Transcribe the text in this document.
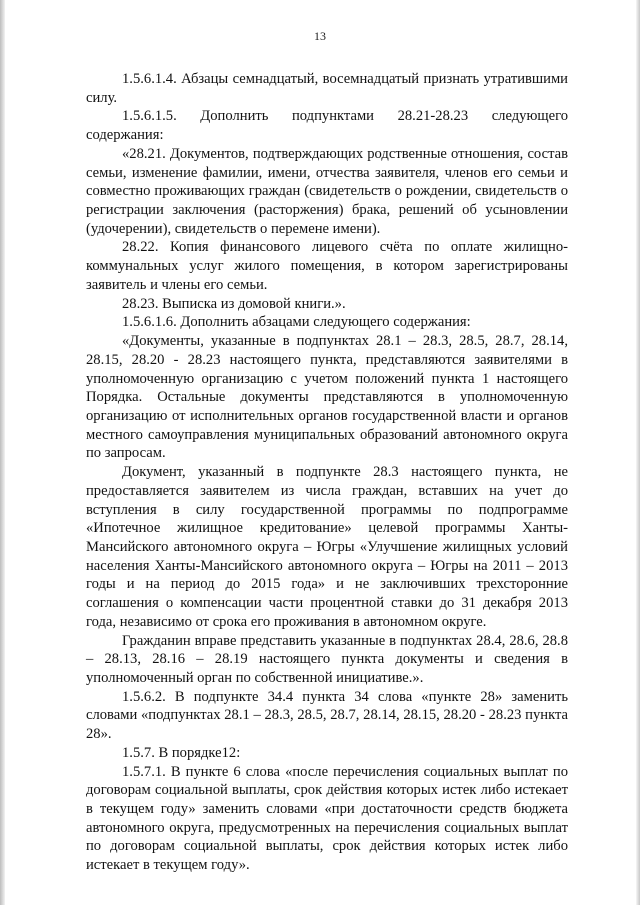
13

1.5.6.1.4. Абзацы семнадцатый, восемнадцатый признать утратившими силу.

1.5.6.1.5. Дополнить подпунктами 28.21-28.23 следующего содержания:

«28.21. Документов, подтверждающих родственные отношения, состав семьи, изменение фамилии, имени, отчества заявителя, членов его семьи и совместно проживающих граждан (свидетельств о рождении, свидетельств о регистрации заключения (расторжения) брака, решений об усыновлении (удочерении), свидетельств о перемене имени).

28.22. Копия финансового лицевого счёта по оплате жилищно-коммунальных услуг жилого помещения, в котором зарегистрированы заявитель и члены его семьи.

28.23. Выписка из домовой книги.».

1.5.6.1.6. Дополнить абзацами следующего содержания:

«Документы, указанные в подпунктах 28.1 – 28.3, 28.5, 28.7, 28.14, 28.15, 28.20 - 28.23 настоящего пункта, представляются заявителями в уполномоченную организацию с учетом положений пункта 1 настоящего Порядка. Остальные документы представляются в уполномоченную организацию от исполнительных органов государственной власти и органов местного самоуправления муниципальных образований автономного округа по запросам.

Документ, указанный в подпункте 28.3 настоящего пункта, не предоставляется заявителем из числа граждан, вставших на учет до вступления в силу государственной программы по подпрограмме «Ипотечное жилищное кредитование» целевой программы Ханты-Мансийского автономного округа – Югры «Улучшение жилищных условий населения Ханты-Мансийского автономного округа – Югры на 2011 – 2013 годы и на период до 2015 года» и не заключивших трехсторонние соглашения о компенсации части процентной ставки до 31 декабря 2013 года, независимо от срока его проживания в автономном округе.

Гражданин вправе представить указанные в подпунктах 28.4, 28.6, 28.8 – 28.13, 28.16 – 28.19 настоящего пункта документы и сведения в уполномоченный орган по собственной инициативе.».

1.5.6.2. В подпункте 34.4 пункта 34 слова «пункте 28» заменить словами «подпунктах 28.1 – 28.3, 28.5, 28.7, 28.14, 28.15, 28.20 - 28.23 пункта 28».

1.5.7. В порядке12:

1.5.7.1. В пункте 6 слова «после перечисления социальных выплат по договорам социальной выплаты, срок действия которых истек либо истекает в текущем году» заменить словами «при достаточности средств бюджета автономного округа, предусмотренных на перечисления социальных выплат по договорам социальной выплаты, срок действия которых истек либо истекает в текущем году».
